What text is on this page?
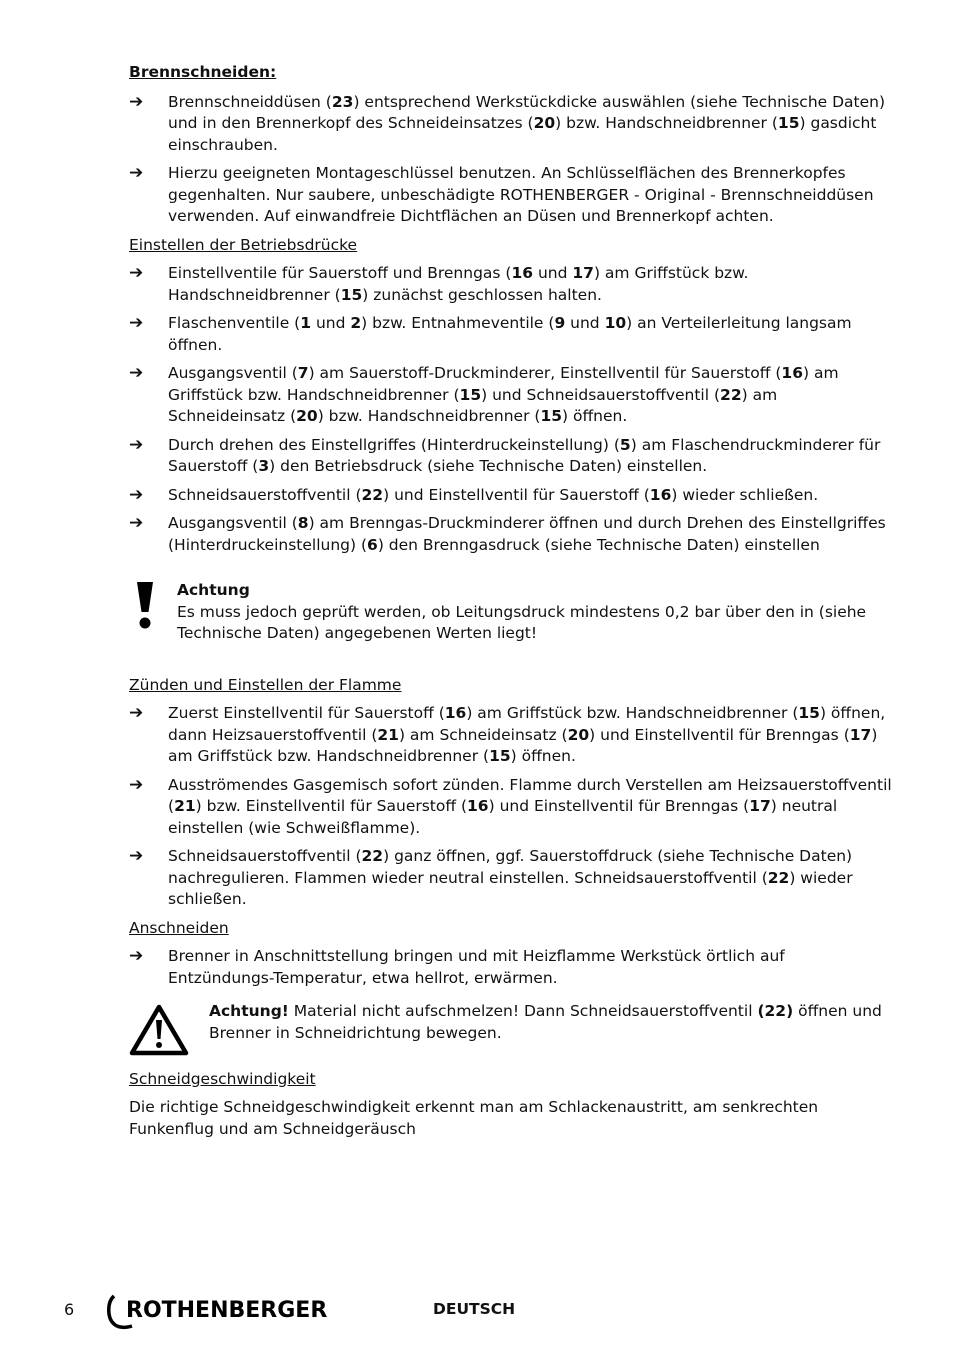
Brennschneiden:
➔	Brennschneiddüsen (23) entsprechend Werkstückdicke auswählen (siehe Technische Daten) und in den Brennerkopf des Schneideinsatzes (20) bzw. Handschneidbrenner (15) gasdicht einschrauben.
➔	Hierzu geeigneten Montageschlüssel benutzen. An Schlüsselflächen des Brennerkopfes gegenhalten. Nur saubere, unbeschädigte ROTHENBERGER - Original - Brennschneiddüsen verwenden. Auf einwandfreie Dichtflächen an Düsen und Brennerkopf achten.
Einstellen der Betriebsdrücke
➔	Einstellventile für Sauerstoff und Brenngas (16 und 17) am Griffstück bzw. Handschneidbrenner (15) zunächst geschlossen halten.
➔	Flaschenventile (1 und 2) bzw. Entnahmeventile (9 und 10) an Verteilerleitung langsam öffnen.
➔	Ausgangsventil (7) am Sauerstoff-Druckminderer, Einstellventil für Sauerstoff (16) am Griffstück bzw. Handschneidbrenner (15) und Schneidsauerstoffventil (22) am Schneideinsatz (20) bzw. Handschneidbrenner (15) öffnen.
➔	Durch drehen des Einstellgriffes (Hinterdruckeinstellung) (5) am Flaschendruckminderer für Sauerstoff (3) den Betriebsdruck (siehe Technische Daten) einstellen.
➔	Schneidsauerstoffventil (22) und Einstellventil für Sauerstoff (16) wieder schließen.
➔	Ausgangsventil (8) am Brenngas-Druckminderer öffnen und durch Drehen des Einstellgriffes (Hinterdruckeinstellung) (6) den Brenngasdruck (siehe Technische Daten) einstellen
Achtung
Es muss jedoch geprüft werden, ob Leitungsdruck mindestens 0,2 bar über den in (siehe Technische Daten) angegebenen Werten liegt!
Zünden und Einstellen der Flamme
➔	Zuerst Einstellventil für Sauerstoff (16) am Griffstück bzw. Handschneidbrenner (15) öffnen, dann Heizsauerstoffventil (21) am Schneideinsatz (20) und Einstellventil für Brenngas (17) am Griffstück bzw. Handschneidbrenner (15) öffnen.
➔	Ausströmendes Gasgemisch sofort zünden. Flamme durch Verstellen am Heizsauerstoffventil (21) bzw. Einstellventil für Sauerstoff (16) und Einstellventil für Brenngas (17) neutral einstellen (wie Schweißflamme).
➔	Schneidsauerstoffventil (22) ganz öffnen, ggf. Sauerstoffdruck (siehe Technische Daten) nachregulieren. Flammen wieder neutral einstellen. Schneidsauerstoffventil (22) wieder schließen.
Anschneiden
➔	Brenner in Anschnittstellung bringen und mit Heizflamme Werkstück örtlich auf Entzündungs-Temperatur, etwa hellrot, erwärmen.
Achtung! Material nicht aufschmelzen! Dann Schneidsauerstoffventil (22) öffnen und Brenner in Schneidrichtung bewegen.
Schneidgeschwindigkeit
Die richtige Schneidgeschwindigkeit erkennt man am Schlackenaustritt, am senkrechten Funkenflug und am Schneidgeräusch
6 ROTHENBERGER	DEUTSCH
